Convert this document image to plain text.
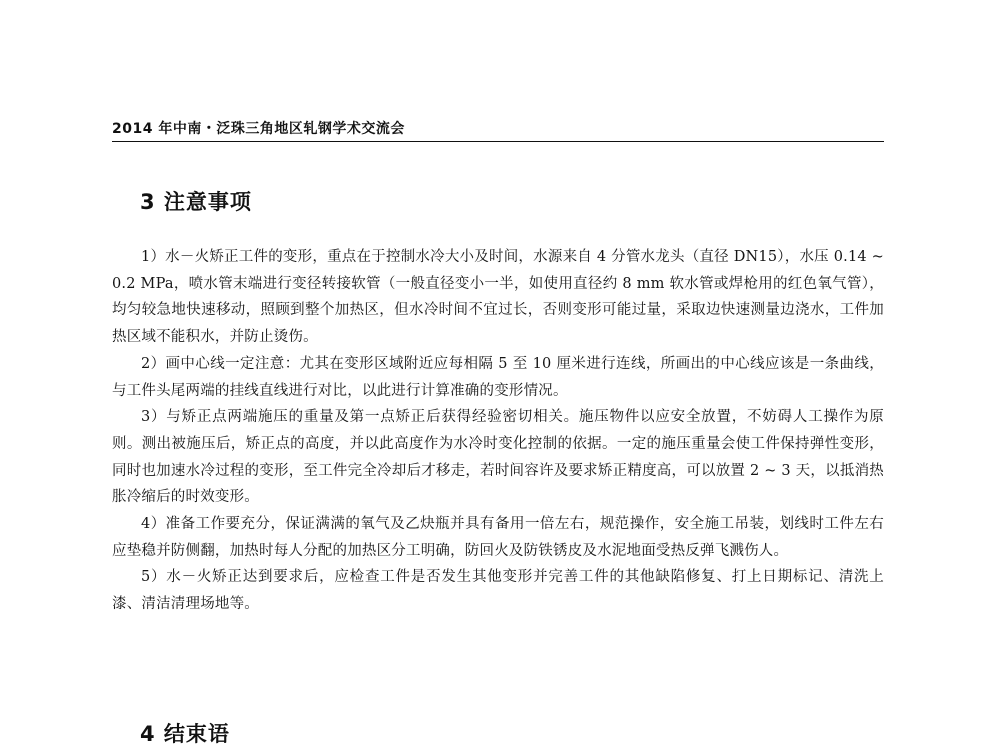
2014 年中南・泛珠三角地区轧钢学术交流会
3 注意事项

1）水－火矫正工件的变形，重点在于控制水冷大小及时间，水源来自 4 分管水龙头（直径 DN15），水压 0.14 ~ 0.2 MPa，喷水管末端进行变径转接软管（一般直径变小一半，如使用直径约 8 mm 软水管或焊枪用的红色氧气管），均匀较急地快速移动，照顾到整个加热区，但水冷时间不宜过长，否则变形可能过量，采取边快速测量边浇水，工件加热区域不能积水，并防止烫伤。

2）画中心线一定注意：尤其在变形区域附近应每相隔 5 至 10 厘米进行连线，所画出的中心线应该是一条曲线，与工件头尾两端的挂线直线进行对比，以此进行计算准确的变形情况。

3）与矫正点两端施压的重量及第一点矫正后获得经验密切相关。施压物件以应安全放置，不妨碍人工操作为原则。测出被施压后，矫正点的高度，并以此高度作为水冷时变化控制的依据。一定的施压重量会使工件保持弹性变形，同时也加速水冷过程的变形，至工件完全冷却后才移走，若时间容许及要求矫正精度高，可以放置 2 ~ 3 天，以抵消热胀冷缩后的时效变形。

4）准备工作要充分，保证满满的氧气及乙炔瓶并具有备用一倍左右，规范操作，安全施工吊装，划线时工件左右应垫稳并防侧翻，加热时每人分配的加热区分工明确，防回火及防铁锈皮及水泥地面受热反弹飞溅伤人。

5）水－火矫正达到要求后，应检查工件是否发生其他变形并完善工件的其他缺陷修复、打上日期标记、清洗上漆、清洁清理场地等。

4 结束语
